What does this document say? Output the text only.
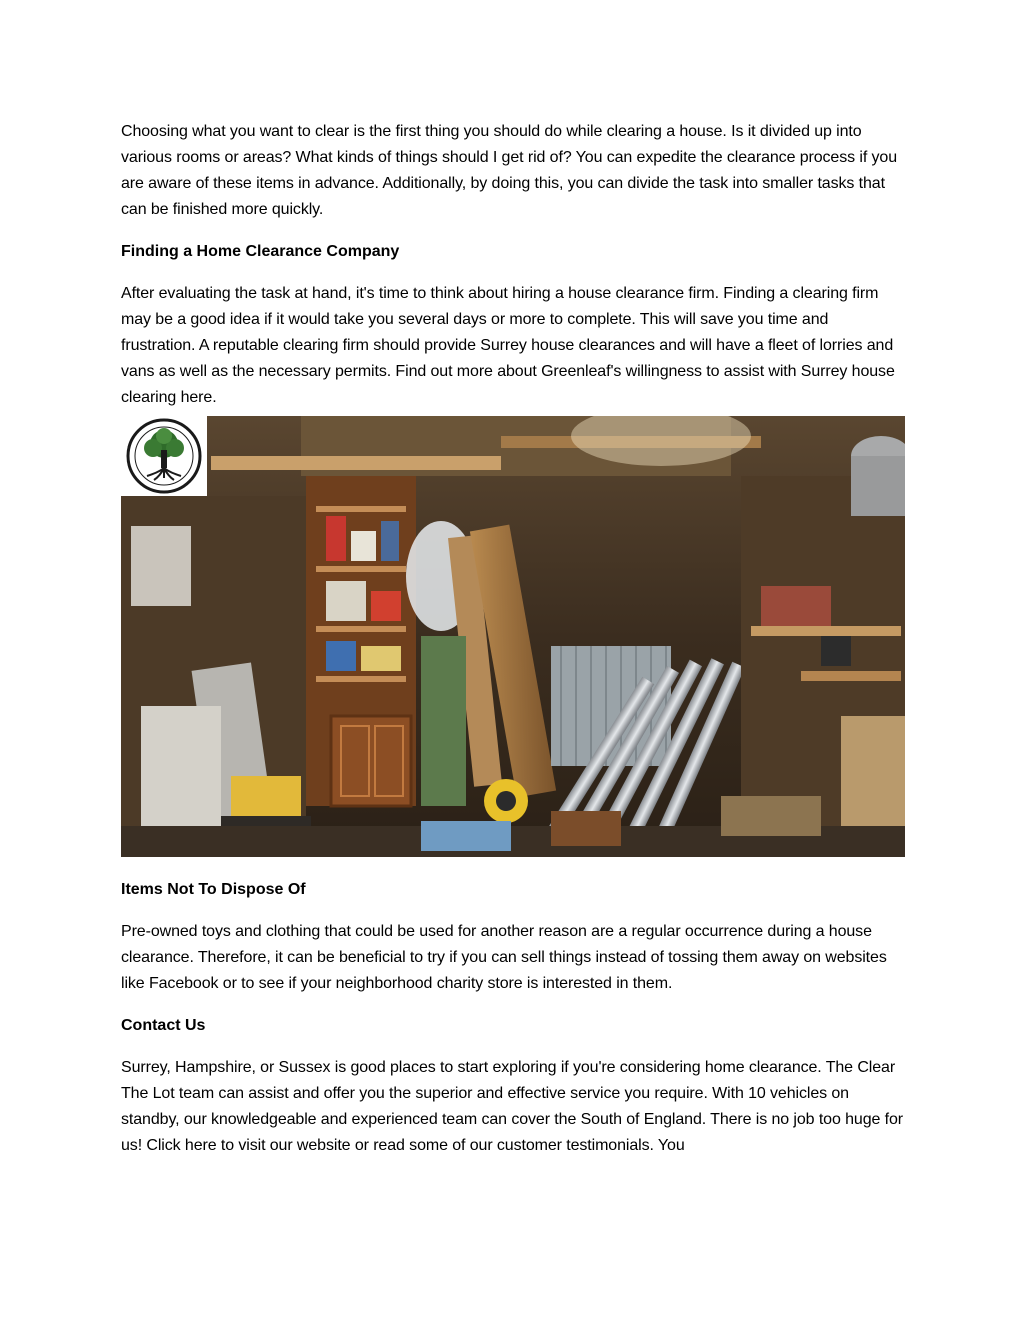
Choosing what you want to clear is the first thing you should do while clearing a house. Is it divided up into various rooms or areas? What kinds of things should I get rid of? You can expedite the clearance process if you are aware of these items in advance. Additionally, by doing this, you can divide the task into smaller tasks that can be finished more quickly.

Finding a Home Clearance Company

After evaluating the task at hand, it's time to think about hiring a house clearance firm. Finding a clearing firm may be a good idea if it would take you several days or more to complete. This will save you time and frustration. A reputable clearing firm should provide Surrey house clearances and will have a fleet of lorries and vans as well as the necessary permits. Find out more about Greenleaf's willingness to assist with Surrey house clearing here.

Items Not To Dispose Of

Pre-owned toys and clothing that could be used for another reason are a regular occurrence during a house clearance. Therefore, it can be beneficial to try if you can sell things instead of tossing them away on websites like Facebook or to see if your neighborhood charity store is interested in them.

Contact Us

Surrey, Hampshire, or Sussex is good places to start exploring if you're considering home clearance. The Clear The Lot team can assist and offer you the superior and effective service you require. With 10 vehicles on standby, our knowledgeable and experienced team can cover the South of England. There is no job too huge for us! Click here to visit our website or read some of our customer testimonials. You
